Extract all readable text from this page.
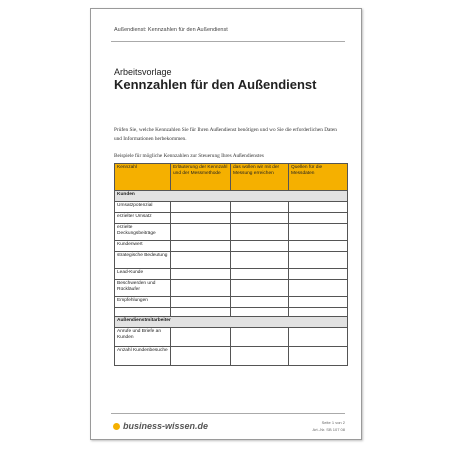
Außendienst: Kennzahlen für den Außendienst
Arbeitsvorlage
Kennzahlen für den Außendienst
Prüfen Sie, welche Kennzahlen Sie für Ihren Außendienst benötigen und wo Sie die erforderlichen Daten und Informationen herbekommen.
Beispiele für mögliche Kennzahlen zur Steuerung Ihres Außendienstes
Kennzahl	Erläuterung der Kennzahl und der Messmethode	das wollen wir mit der Messung erreichen	Quellen für die Messdaten
Kunden			
Umsatzpotenzial			
erzielter Umsatz			
erzielte Deckungsbeiträge			
Kundenwert			
strategische Bedeutung			
Lead-Kunde			
Beschwerden und Rückläufer			
Empfehlungen			

Außendienstmitarbeiter			
Anrufe und Briefe an Kunden			
Anzahl Kundenbesuche			
business-wissen.de	Seite 1 von 2
Art.-Nr. SB 107 08
